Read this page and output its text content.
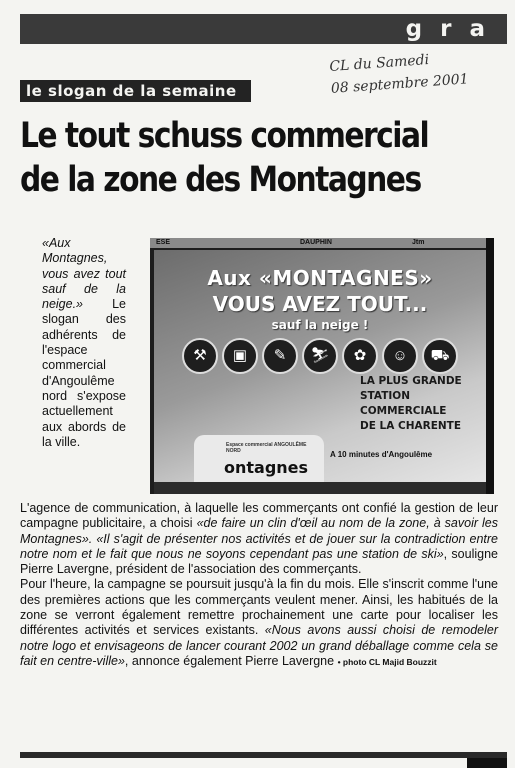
gra
CL du Samedi
08 septembre 2001
le slogan de la semaine
Le tout schuss commercial
de la zone des Montagnes
«Aux Montagnes, vous avez tout sauf de la neige.» Le slogan des adhérents de l'espace commercial d'Angoulême nord s'expose actuellement aux abords de la ville.
ESE	DAUPHIN	Jtm
Aux «MONTAGNES»
VOUS AVEZ TOUT...
sauf la neige !
⚒	▣	✎	⛷	✿	☺	⛟
LA PLUS GRANDE
STATION
COMMERCIALE
DE LA CHARENTE
Espace commercial ANGOULÊME NORD
ontagnes
A 10 minutes d'Angoulême

L'agence de communication, à laquelle les commerçants ont confié la gestion de leur campagne publicitaire, a choisi «de faire un clin d'œil au nom de la zone, à savoir les Montagnes». «Il s'agit de présenter nos activités et de jouer sur la contradiction entre notre nom et le fait que nous ne soyons cependant pas une station de ski», souligne Pierre Lavergne, président de l'association des commerçants.

Pour l'heure, la campagne se poursuit jusqu'à la fin du mois. Elle s'inscrit comme l'une des premières actions que les commerçants veulent mener. Ainsi, les habitués de la zone se verront également remettre prochainement une carte pour localiser les différentes activités et services existants. «Nous avons aussi choisi de remodeler notre logo et envisageons de lancer courant 2002 un grand déballage comme cela se fait en centre-ville», annonce également Pierre Lavergne • photo CL Majid Bouzzit
